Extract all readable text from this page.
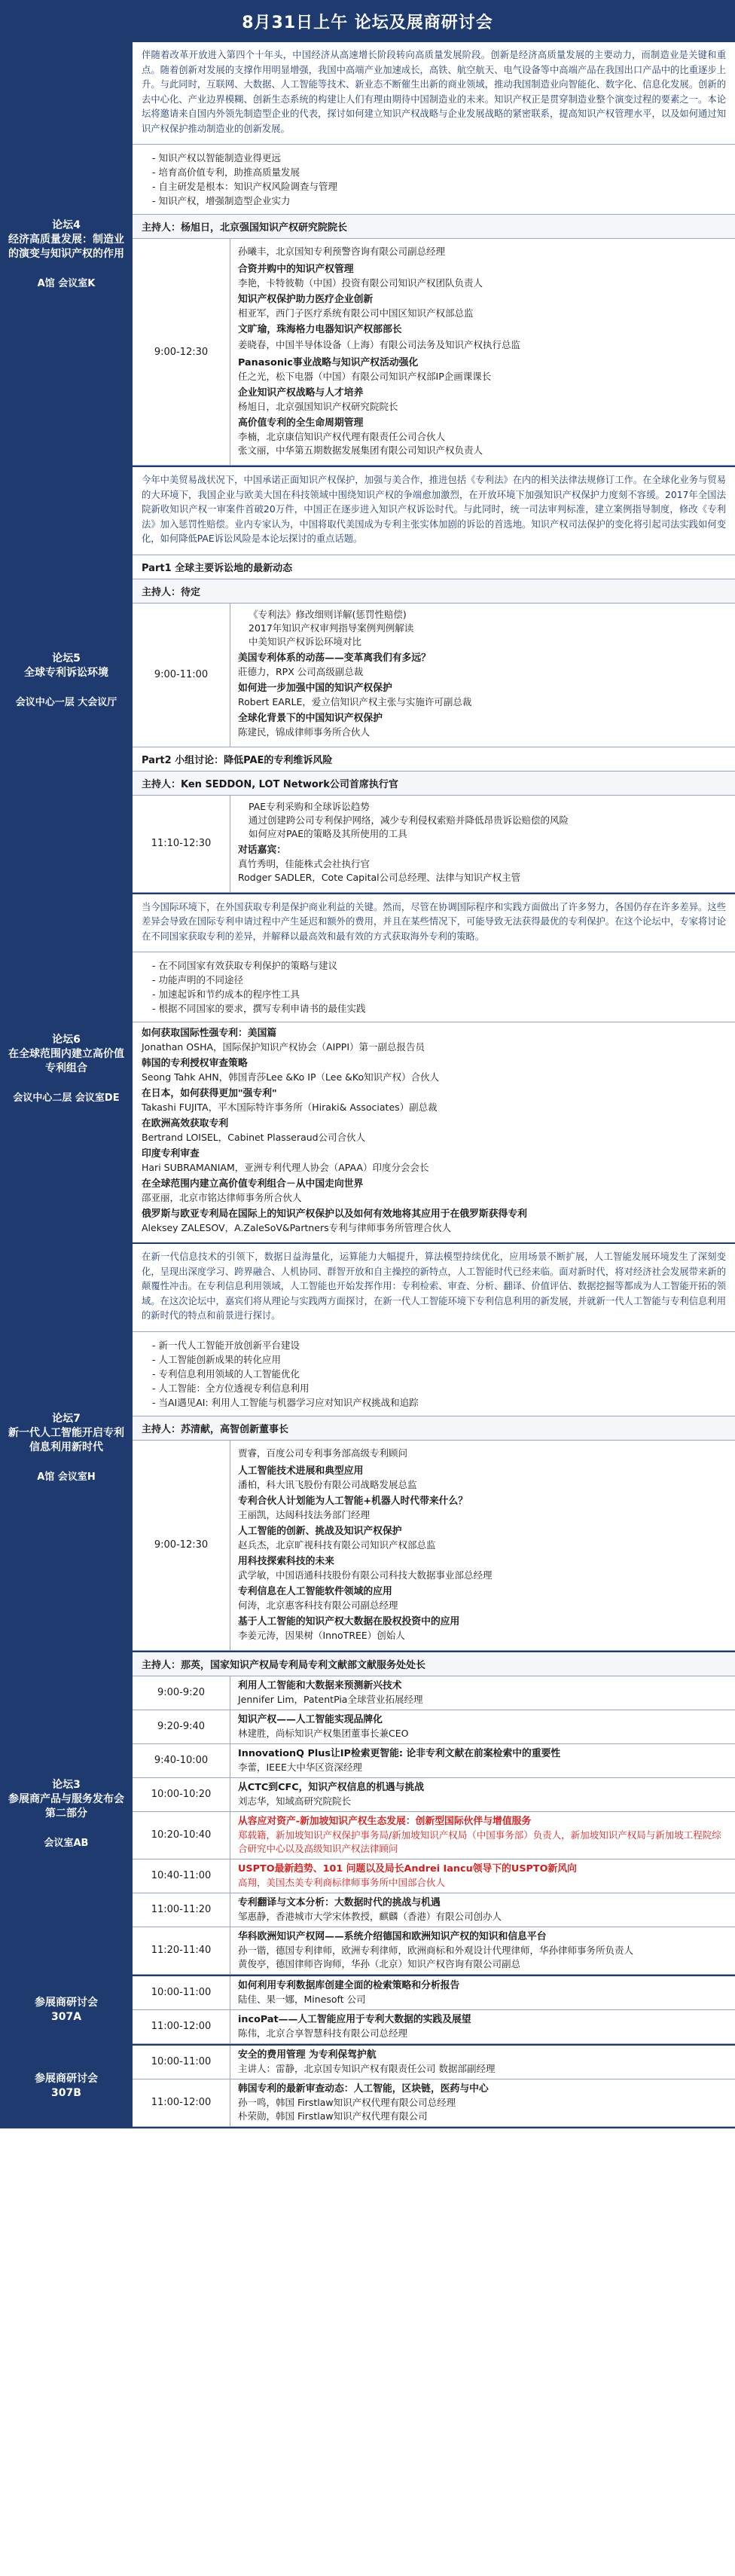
8月31日上午 论坛及展商研讨会
论坛4
经济高质量发展：制造业的演变与知识产权的作用
A馆 会议室K
伴随着改革开放进入第四个十年头，中国经济从高速增长阶段转向高质量发展阶段。创新是经济高质量发展的主要动力，而制造业是关键和重点。随着创新对发展的支撑作用明显增强，我国中高端产业加速成长，高铁、航空航天、电气设备等中高端产品在我国出口产品中的比重逐步上升。与此同时，互联网、大数据、人工智能等技术、新业态不断催生出新的商业领域，推动我国制造业向智能化、数字化、信息化发展。创新的去中心化、产业边界模糊、创新生态系统的构建让人们有理由期待中国制造业的未来。知识产权正是贯穿制造业整个演变过程的要素之一。本论坛将邀请来自国内外领先制造型企业的代表，探讨如何建立知识产权战略与企业发展战略的紧密联系，提高知识产权管理水平，以及如何通过知识产权保护推动制造业的创新发展。
- 知识产权以智能制造业得更远
- 培育高价值专利，助推高质量发展
- 自主研发是根本：知识产权风险调查与管理
- 知识产权，增强制造型企业实力
主持人：杨旭日，北京强国知识产权研究院院长
9:00-12:30
孙曦丰，北京国知专利预警咨询有限公司副总经理
合资并购中的知识产权管理
李艳，卡特彼勒（中国）投资有限公司知识产权团队负责人
知识产权保护助力医疗企业创新
相亚军，西门子医疗系统有限公司中国区知识产权部总监
文旷瑜，珠海格力电器知识产权部部长
姜晓春，中国半导体设备（上海）有限公司法务及知识产权执行总监
Panasonic事业战略与知识产权活动强化
任之光，松下电器（中国）有限公司知识产权部IP企画课课长
企业知识产权战略与人才培养
杨旭日，北京强国知识产权研究院院长
高价值专利的全生命周期管理
李楠，北京康信知识产权代理有限责任公司合伙人
张文丽，中华第五期数据发展集团有限公司知识产权负责人
论坛5
全球专利诉讼环境
会议中心一层 大会议厅
今年中美贸易战状况下，中国承诺正面知识产权保护，加强与美合作，推进包括《专利法》在内的相关法律法规修订工作。在全球化业务与贸易的大环境下，我国企业与欧美大国在科技领域中围绕知识产权的争端愈加激烈，在开放环境下加强知识产权保护力度刻不容缓。2017年全国法院新收知识产权一审案件首破20万件，中国正在逐步进入知识产权诉讼时代。与此同时，统一司法审判标准，建立案例指导制度，修改《专利法》加入惩罚性赔偿。业内专家认为，中国将取代美国成为专利主张实体加剧的诉讼的首选地。知识产权司法保护的变化将引起司法实践如何变化，如何降低PAE诉讼风险是本论坛探讨的重点话题。
Part1 全球主要诉讼地的最新动态
主持人：待定
9:00-11:00
《专利法》修改细则详解(惩罚性赔偿)
2017年知识产权审判指导案例判例解读
中美知识产权诉讼环境对比
美国专利体系的动荡——变革离我们有多远？
莊德力，RPX 公司高级副总裁
如何进一步加强中国的知识产权保护
Robert EARLE，爱立信知识产权主张与实施许可副总裁
全球化背景下的中国知识产权保护
陈建民，锦成律师事务所合伙人
Part2 小组讨论：降低PAE的专利维诉风险
主持人：Ken SEDDON, LOT Network公司首席执行官
11:10-12:30
PAE专利采购和全球诉讼趋势
通过创建跨公司专利保护网络，减少专利侵权索赔并降低昂贵诉讼赔偿的风险
如何应对PAE的策略及其所使用的工具
对话嘉宾：
真竹秀明，佳能株式会社执行官
Rodger SADLER，Cote Capital公司总经理、法律与知识产权主管
论坛6
在全球范围内建立高价值专利组合
会议中心二层 会议室DE
当今国际环境下，在外国获取专利是保护商业利益的关键。然而，尽管在协调国际程序和实践方面做出了许多努力，各国仍存在许多差异。这些差异会导致在国际专利申请过程中产生延迟和额外的费用，并且在某些情况下，可能导致无法获得最优的专利保护。在这个论坛中，专家将讨论在不同国家获取专利的差异，并解释以最高效和最有效的方式获取海外专利的策略。
- 在不同国家有效获取专利保护的策略与建议
- 功能声明的不同途径
- 加速起诉和节约成本的程序性工具
- 根据不同国家的要求，撰写专利申请书的最佳实践
如何获取国际性强专利：美国篇
Jonathan OSHA，国际保护知识产权协会（AIPPI）第一副总报告员
韩国的专利授权审查策略
Seong Tahk AHN，韩国青莎Lee &Ko IP（Lee &Ko知识产权）合伙人
在日本，如何获得更加"强专利"
Takashi FUJITA，平木国际特许事务所（Hiraki& Associates）副总裁
在欧洲高效获取专利
Bertrand LOISEL，Cabinet Plasseraud公司合伙人
印度专利审查
Hari SUBRAMANIAM，亚洲专利代理人协会（APAA）印度分会会长
在全球范围内建立高价值专利组合－从中国走向世界
邵亚丽，北京市铭达律师事务所合伙人
俄罗斯与欧亚专利局在国际上的知识产权保护以及如何有效地将其应用于在俄罗斯获得专利
Aleksey ZALESOV，A.ZaleSoV&Partners专利与律师事务所管理合伙人
论坛7
新一代人工智能开启专利信息利用新时代
A馆 会议室H
在新一代信息技术的引领下，数据日益海量化，运算能力大幅提升，算法模型持续优化，应用场景不断扩展，人工智能发展环境发生了深刻变化，呈现出深度学习、跨界融合、人机协同、群智开放和自主操控的新特点，人工智能时代已经来临。面对新时代，将对经济社会发展带来新的颠覆性冲击。在专利信息利用领域，人工智能也开始发挥作用：专利检索、审查、分析、翻译、价值评估、数据挖掘等都成为人工智能开拓的领域。在这次论坛中，嘉宾们将从理论与实践两方面探讨，在新一代人工智能环境下专利信息利用的新发展，并就新一代人工智能与专利信息利用的新时代的特点和前景进行探讨。
- 新一代人工智能开放创新平台建设
- 人工智能创新成果的转化应用
- 专利信息利用领域的人工智能优化
- 人工智能：全方位透视专利信息利用
- 当AI遇见AI: 利用人工智能与机器学习应对知识产权挑战和追踪
主持人：苏清献，高智创新董事长
9:00-12:30
贾睿，百度公司专利事务部高级专利顾问
人工智能技术进展和典型应用
潘柏，科大讯飞股份有限公司战略发展总监
专利合伙人计划能为人工智能+机器人时代带来什么？
王丽凯，达闼科技法务部门经理
人工智能的创新、挑战及知识产权保护
赵兵杰，北京旷视科技有限公司知识产权部总监
用科技探索科技的未来
武学敏，中国语通科技股份有限公司科技大数据事业部总经理
专利信息在人工智能软件领域的应用
何涛，北京惠客科技有限公司副总经理
基于人工智能的知识产权大数据在股权投资中的应用
李姜元涛，因果树（InnoTREE）创始人
论坛3
参展商产品与服务发布会
第二部分
会议室AB
主持人：那英，国家知识产权局专利局专利文献部文献服务处处长
9:00-9:20
利用人工智能和大数据来预测新兴技术
Jennifer Lim，PatentPia全球营业拓展经理
9:20-9:40
知识产权——人工智能实现品牌化
林建胜，尚标知识产权集团董事长兼CEO
9:40-10:00
InnovationQ Plus让IP检索更智能: 论非专利文献在前案检索中的重要性
李蕾，IEEE大中华区资深经理
10:00-10:20
从CTC到CFC，知识产权信息的机遇与挑战
刘志华，知域高研究院院长
10:20-10:40
从容应对资产-新加坡知识产权生态发展：创新型国际伙伴与增值服务
郑载籍，新加坡知识产权保护事务局/新加坡知识产权局（中国事务部）负责人，新加坡知识产权局与新加坡工程院综合研究中心以及高级知识产权法律顾问
10:40-11:00
USPTO最新趋势、101 问题以及局长Andrei Iancu领导下的USPTO新风向
高翔，美国杰美专利商标律师事务所中国部合伙人
11:00-11:20
专利翻译与文本分析：大数据时代的挑战与机遇
邹惠静，香港城市大学宋体教授，麒麟（香港）有限公司创办人
11:20-11:40
华科欧洲知识产权网——系统介绍德国和欧洲知识产权的知识和信息平台
孙一锴，德国专利律师，欧洲专利律师，欧洲商标和外观设计代理律师，华孙律师事务所负责人
黄俊亭，德国律师咨询师，华孙（北京）知识产权咨询有限公司副总
参展商研讨会
307A
10:00-11:00
如何利用专利数据库创建全面的检索策略和分析报告
陆佳、果一娜，Minesoft 公司
11:00-12:00
incoPat——人工智能应用于专利大数据的实践及展望
陈伟，北京合享智慧科技有限公司总经理
参展商研讨会
307B
10:00-11:00
安全的费用管理 为专利保驾护航
主讲人：雷静，北京国专知识产权有限责任公司 数据部副经理
11:00-12:00
韩国专利的最新审查动态：人工智能，区块链，医药与中心
孙一鸣，韩国 Firstlaw知识产权代理有限公司总经理
朴荣勋，韩国 Firstlaw知识产权代理有限公司
